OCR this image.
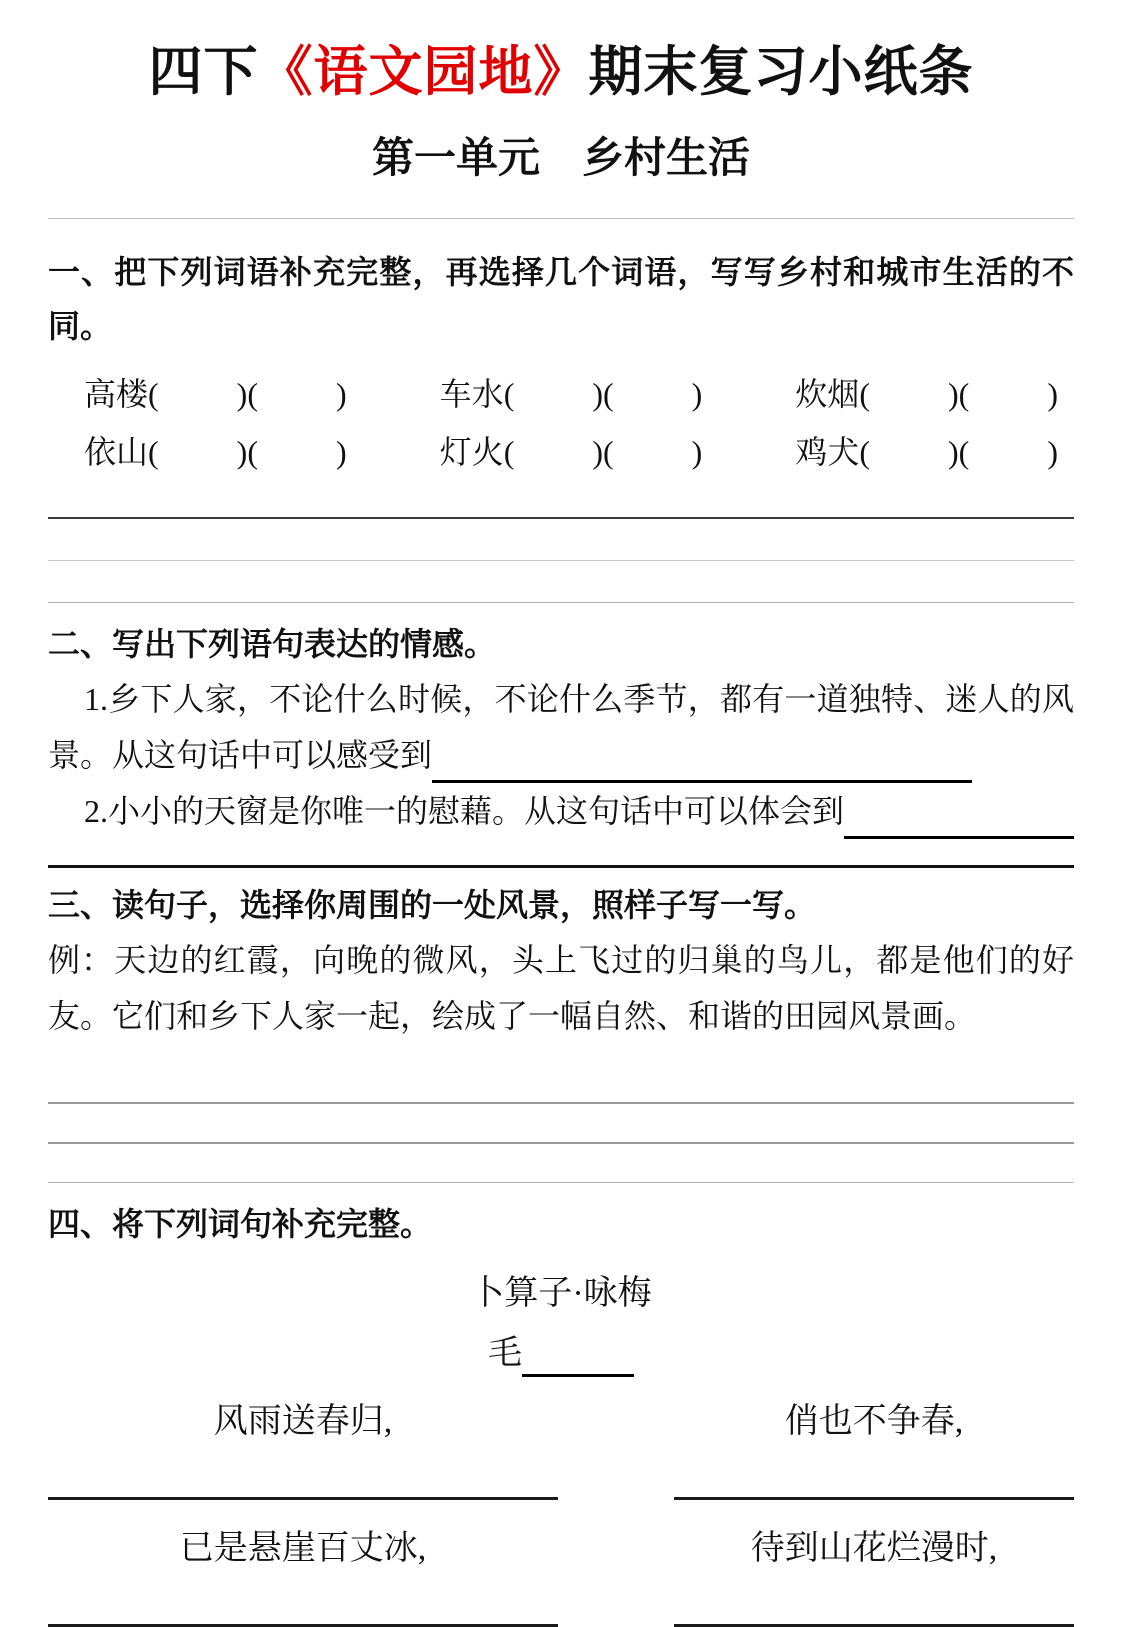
四下《语文园地》期末复习小纸条
第一单元　乡村生活
一、把下列词语补充完整，再选择几个词语，写写乡村和城市生活的不同。
高楼( )( )	车水( )( )	炊烟( )( )
依山( )( )	灯火( )( )	鸡犬( )( )
二、写出下列语句表达的情感。
1.乡下人家，不论什么时候，不论什么季节，都有一道独特、迷人的风景。从这句话中可以感受到
2.小小的天窗是你唯一的慰藉。从这句话中可以体会到
三、读句子，选择你周围的一处风景，照样子写一写。
例：天边的红霞，向晚的微风，头上飞过的归巢的鸟儿，都是他们的好友。它们和乡下人家一起，绘成了一幅自然、和谐的田园风景画。
四、将下列词句补充完整。
卜算子·咏梅
毛
风雨送春归,	俏也不争春,
已是悬崖百丈冰,	待到山花烂漫时,
